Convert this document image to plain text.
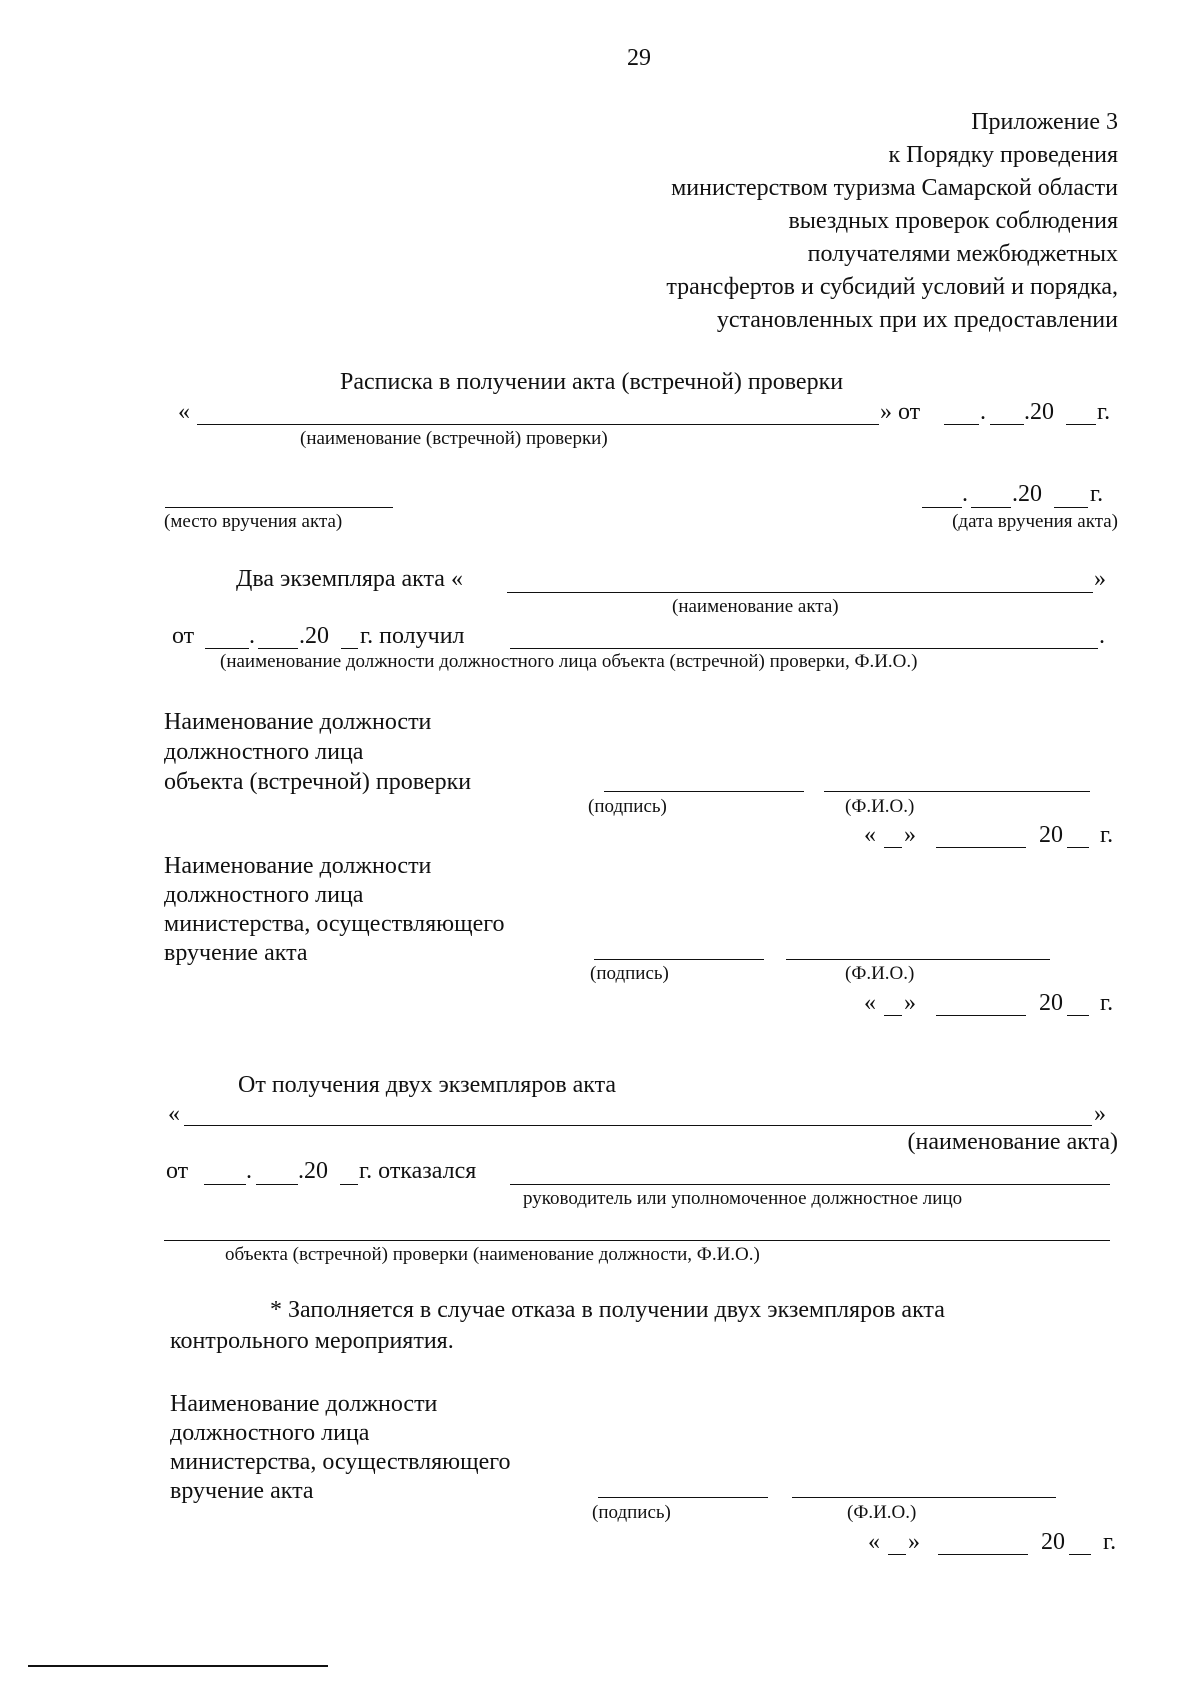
29
Приложение 3
к Порядку проведения
министерством туризма Самарской области
выездных проверок соблюдения
получателями межбюджетных
трансфертов и субсидий условий и порядка,
установленных при их предоставлении
Расписка в получении акта (встречной) проверки
«	» от . .20 г.
(наименование (встречной) проверки)
. .20 г.
(место вручения акта)	(дата вручения акта)
Два экземпляра акта «	»
(наименование акта)
от . .20 г. получил	.
(наименование должности должностного лица объекта (встречной) проверки, Ф.И.О.)
Наименование должности
должностного лица
объекта (встречной) проверки
(подпись)	(Ф.И.О.)
« »	20 г.
Наименование должности
должностного лица
министерства, осуществляющего
вручение акта
(подпись)	(Ф.И.О.)
« »	20 г.
От получения двух экземпляров акта
«	»
(наименование акта)
от . .20 г. отказался
руководитель или уполномоченное должностное лицо
объекта (встречной) проверки (наименование должности, Ф.И.О.)
* Заполняется в случае отказа в получении двух экземпляров акта
контрольного мероприятия.
Наименование должности
должностного лица
министерства, осуществляющего
вручение акта
(подпись)	(Ф.И.О.)
« »	20 г.
